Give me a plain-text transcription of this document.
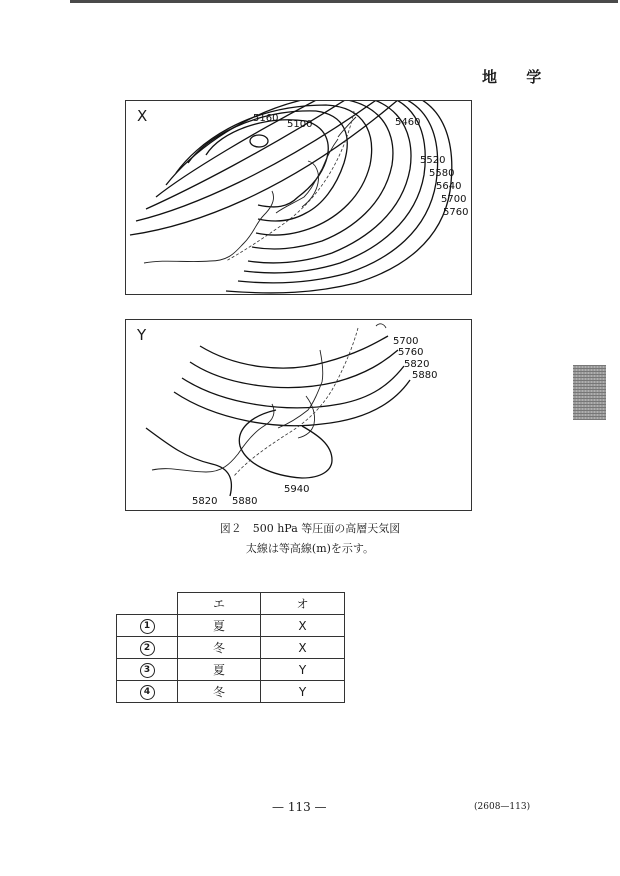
地 学
X	5160
5100	5460
5520
5580
5640
5700
5760
Y	5700
5760
5820
5880
5940
5820 5880
図２　500 hPa 等圧面の高層天気図
太線は等高線(m)を示す。
	エ	オ
1	夏	X
2	冬	X
3	夏	Y
4	冬	Y
— 113 —	(2608—113)
